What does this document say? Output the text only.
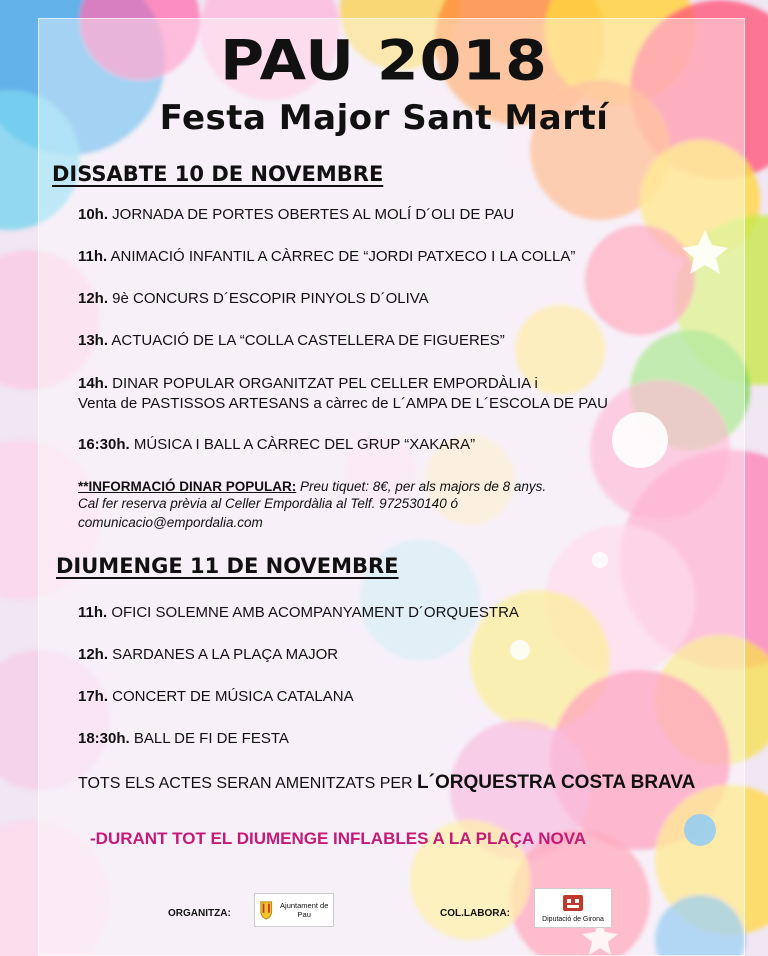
PAU 2018
Festa Major Sant Martí
DISSABTE 10 DE NOVEMBRE
10h. JORNADA DE PORTES OBERTES AL MOLÍ D´OLI DE PAU
11h. ANIMACIÓ INFANTIL A CÀRREC DE “JORDI PATXECO I LA COLLA”
12h. 9è CONCURS D´ESCOPIR PINYOLS D´OLIVA
13h. ACTUACIÓ DE LA “COLLA CASTELLERA DE FIGUERES”
14h. DINAR POPULAR ORGANITZAT PEL CELLER EMPORDÀLIA i
Venta de PASTISSOS ARTESANS a càrrec de L´AMPA DE L´ESCOLA DE PAU
16:30h. MÚSICA I BALL A CÀRREC DEL GRUP “XAKARA”
**INFORMACIÓ DINAR POPULAR: Preu tiquet: 8€, per als majors de 8 anys.
Cal fer reserva prèvia al Celler Empordàlia al Telf. 972530140 ó
comunicacio@empordalia.com
DIUMENGE 11 DE NOVEMBRE
11h. OFICI SOLEMNE AMB ACOMPANYAMENT D´ORQUESTRA
12h. SARDANES A LA PLAÇA MAJOR
17h. CONCERT DE MÚSICA CATALANA
18:30h. BALL DE FI DE FESTA
TOTS ELS ACTES SERAN AMENITZATS PER L´ORQUESTRA COSTA BRAVA
-DURANT TOT EL DIUMENGE INFLABLES A LA PLAÇA NOVA
ORGANITZA:
Ajuntament de Pau	COL.LABORA:	Diputació de Girona
